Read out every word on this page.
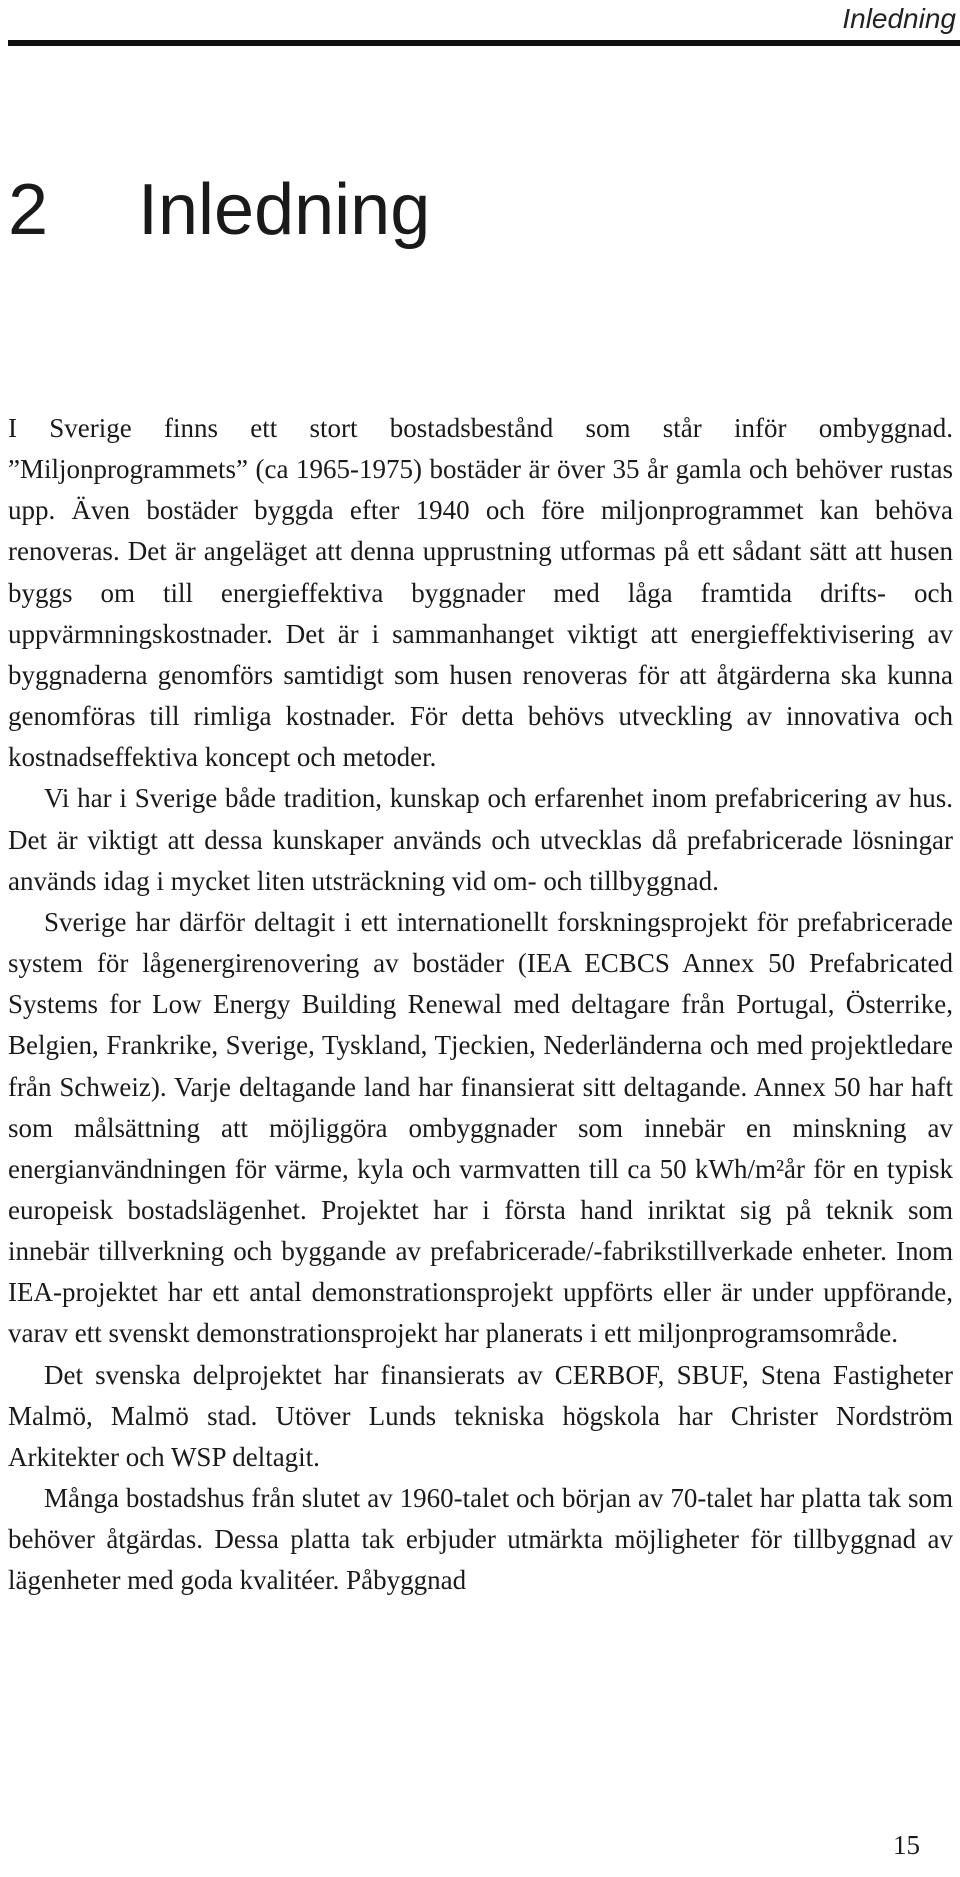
Inledning
2 Inledning

I Sverige finns ett stort bostadsbestånd som står inför ombyggnad. ”Miljonprogrammets” (ca 1965-1975) bostäder är över 35 år gamla och behöver rustas upp. Även bostäder byggda efter 1940 och före miljonprogrammet kan behöva renoveras. Det är angeläget att denna upprustning utformas på ett sådant sätt att husen byggs om till energieffektiva byggnader med låga framtida drifts- och uppvärmningskostnader. Det är i sammanhanget viktigt att energieffektivisering av byggnaderna genomförs samtidigt som husen renoveras för att åtgärderna ska kunna genomföras till rimliga kostnader. För detta behövs utveckling av innovativa och kostnadseffektiva koncept och metoder.

Vi har i Sverige både tradition, kunskap och erfarenhet inom prefabricering av hus. Det är viktigt att dessa kunskaper används och utvecklas då prefabricerade lösningar används idag i mycket liten utsträckning vid om- och tillbyggnad.

Sverige har därför deltagit i ett internationellt forskningsprojekt för prefabricerade system för lågenergirenovering av bostäder (IEA ECBCS Annex 50 Prefabricated Systems for Low Energy Building Renewal med deltagare från Portugal, Österrike, Belgien, Frankrike, Sverige, Tyskland, Tjeckien, Nederländerna och med projektledare från Schweiz). Varje deltagande land har finansierat sitt deltagande. Annex 50 har haft som målsättning att möjliggöra ombyggnader som innebär en minskning av energianvändningen för värme, kyla och varmvatten till ca 50 kWh/m²år för en typisk europeisk bostadslägenhet. Projektet har i första hand inriktat sig på teknik som innebär tillverkning och byggande av prefabricerade/-fabrikstillverkade enheter. Inom IEA-projektet har ett antal demonstrationsprojekt uppförts eller är under uppförande, varav ett svenskt demonstrationsprojekt har planerats i ett miljonprogramsområde.

Det svenska delprojektet har finansierats av CERBOF, SBUF, Stena Fastigheter Malmö, Malmö stad. Utöver Lunds tekniska högskola har Christer Nordström Arkitekter och WSP deltagit.

Många bostadshus från slutet av 1960-talet och början av 70-talet har platta tak som behöver åtgärdas. Dessa platta tak erbjuder utmärkta möjligheter för tillbyggnad av lägenheter med goda kvalitéer. Påbyggnad

15
